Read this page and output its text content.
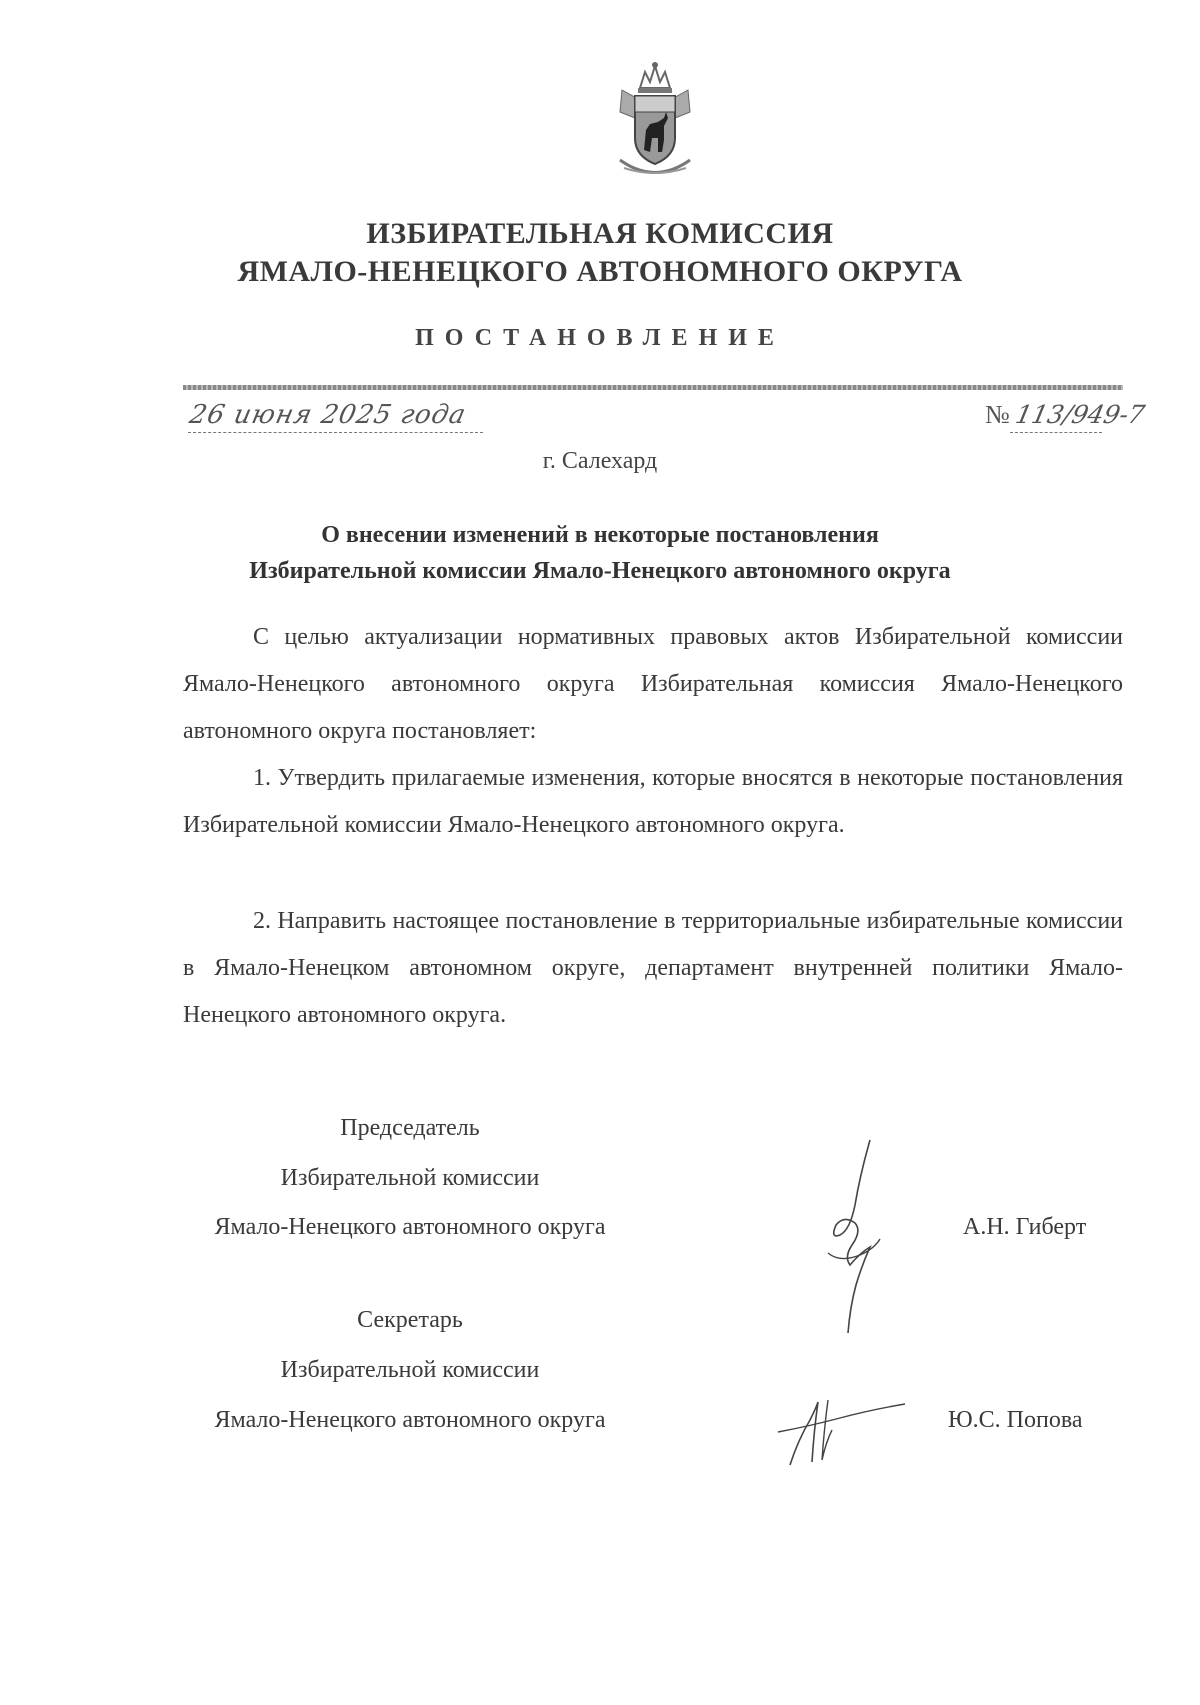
ИЗБИРАТЕЛЬНАЯ КОМИССИЯ
ЯМАЛО-НЕНЕЦКОГО АВТОНОМНОГО ОКРУГА
ПОСТАНОВЛЕНИЕ
26 июня 2025 года	№ 113/949-7
г. Салехард
О внесении изменений в некоторые постановления
Избирательной комиссии Ямало-Ненецкого автономного округа

С целью актуализации нормативных правовых актов Избирательной комиссии Ямало-Ненецкого автономного округа Избирательная комиссия Ямало-Ненецкого автономного округа постановляет:

1. Утвердить прилагаемые изменения, которые вносятся в некоторые постановления Избирательной комиссии Ямало-Ненецкого автономного округа.

2. Направить настоящее постановление в территориальные избирательные комиссии в Ямало-Ненецком автономном округе, департамент внутренней политики Ямало-Ненецкого автономного округа.

Председатель
Избирательной комиссии
Ямало-Ненецкого автономного округа	А.Н. Гиберт
Секретарь
Избирательной комиссии
Ямало-Ненецкого автономного округа	Ю.С. Попова
